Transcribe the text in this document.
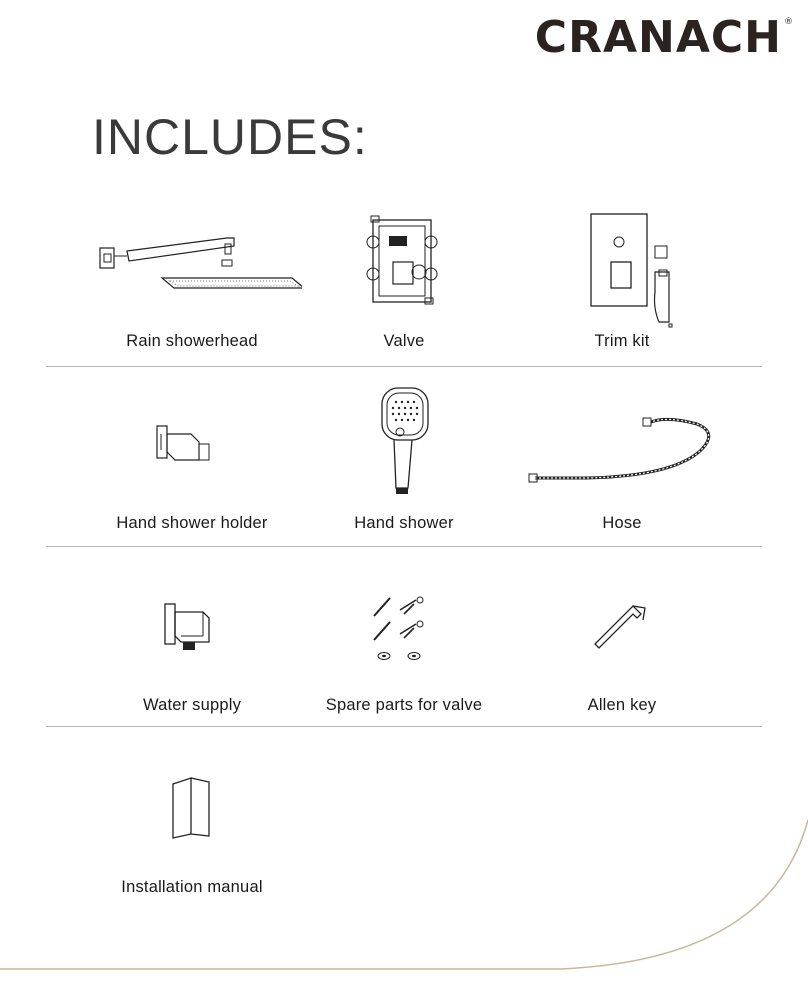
CRANACH ®
INCLUDES:
Rain showerhead	Valve	Trim kit
Hand shower holder	Hand shower	Hose
Water supply	Spare parts for valve	Allen key
Installation manual
